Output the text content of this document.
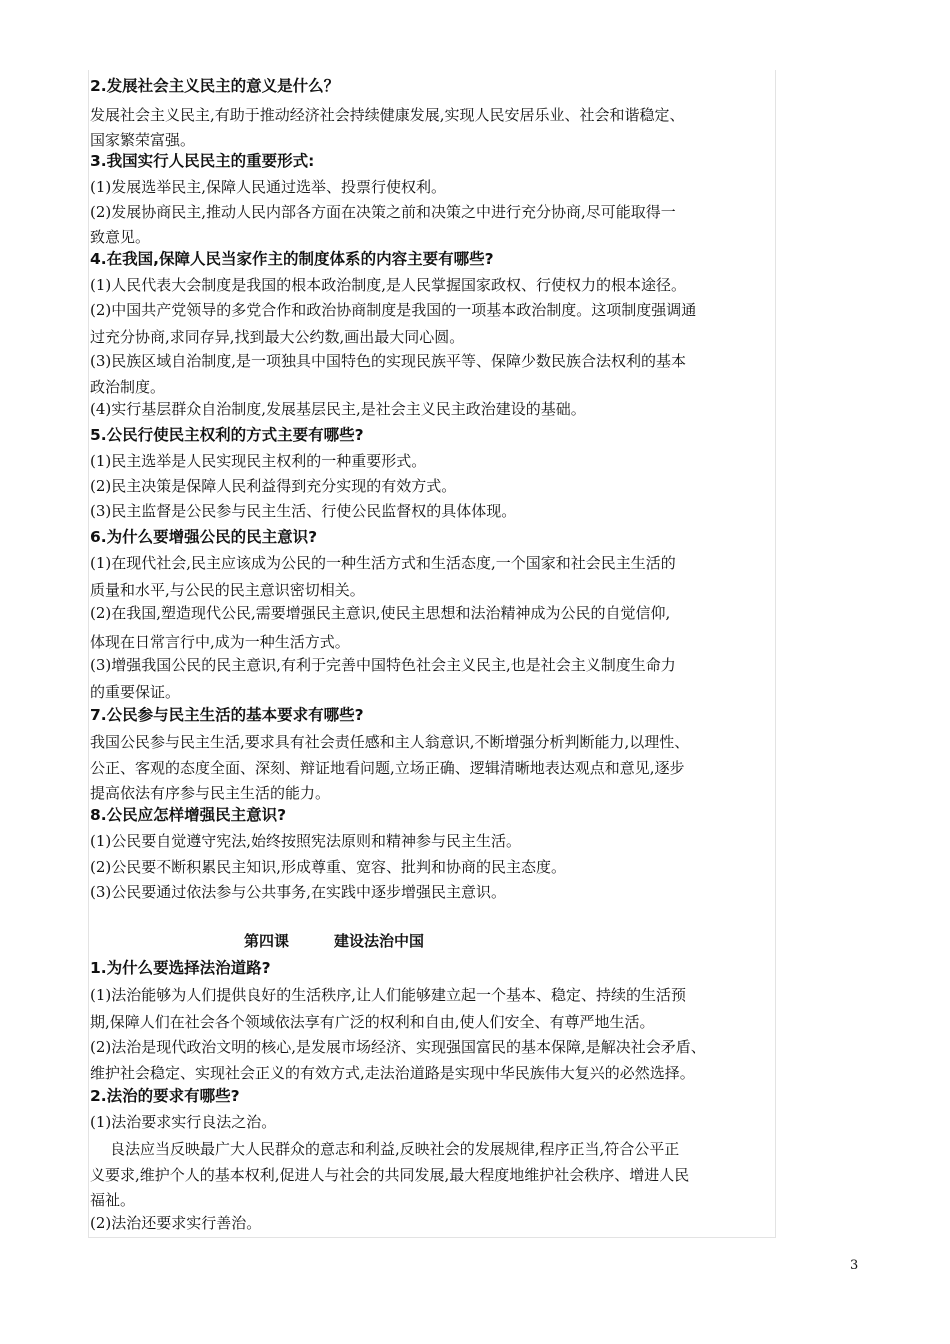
2.发展社会主义民主的意义是什么？
发展社会主义民主,有助于推动经济社会持续健康发展,实现人民安居乐业、社会和谐稳定、
国家繁荣富强。
3.我国实行人民民主的重要形式:
(1)发展选举民主,保障人民通过选举、投票行使权利。
(2)发展协商民主,推动人民内部各方面在决策之前和决策之中进行充分协商,尽可能取得一
致意见。
4.在我国,保障人民当家作主的制度体系的内容主要有哪些?
(1)人民代表大会制度是我国的根本政治制度,是人民掌握国家政权、行使权力的根本途径。
(2)中国共产党领导的多党合作和政治协商制度是我国的一项基本政治制度。这项制度强调通
过充分协商,求同存异,找到最大公约数,画出最大同心圆。
(3)民族区域自治制度,是一项独具中国特色的实现民族平等、保障少数民族合法权利的基本
政治制度。
(4)实行基层群众自治制度,发展基层民主,是社会主义民主政治建设的基础。
5.公民行使民主权利的方式主要有哪些?
(1)民主选举是人民实现民主权利的一种重要形式。
(2)民主决策是保障人民利益得到充分实现的有效方式。
(3)民主监督是公民参与民主生活、行使公民监督权的具体体现。
6.为什么要增强公民的民主意识?
(1)在现代社会,民主应该成为公民的一种生活方式和生活态度,一个国家和社会民主生活的
质量和水平,与公民的民主意识密切相关。
(2)在我国,塑造现代公民,需要增强民主意识,使民主思想和法治精神成为公民的自觉信仰,
体现在日常言行中,成为一种生活方式。
(3)增强我国公民的民主意识,有利于完善中国特色社会主义民主,也是社会主义制度生命力
的重要保证。
7.公民参与民主生活的基本要求有哪些?
我国公民参与民主生活,要求具有社会责任感和主人翁意识,不断增强分析判断能力,以理性、
公正、客观的态度全面、深刻、辩证地看问题,立场正确、逻辑清晰地表达观点和意见,逐步
提高依法有序参与民主生活的能力。
8.公民应怎样增强民主意识?
(1)公民要自觉遵守宪法,始终按照宪法原则和精神参与民主生活。
(2)公民要不断积累民主知识,形成尊重、宽容、批判和协商的民主态度。
(3)公民要通过依法参与公共事务,在实践中逐步增强民主意识。
1.为什么要选择法治道路?
(1)法治能够为人们提供良好的生活秩序,让人们能够建立起一个基本、稳定、持续的生活预
期,保障人们在社会各个领域依法享有广泛的权利和自由,使人们安全、有尊严地生活。
(2)法治是现代政治文明的核心,是发展市场经济、实现强国富民的基本保障,是解决社会矛盾、
维护社会稳定、实现社会正义的有效方式,走法治道路是实现中华民族伟大复兴的必然选择。
2.法治的要求有哪些?
(1)法治要求实行良法之治。
良法应当反映最广大人民群众的意志和利益,反映社会的发展规律,程序正当,符合公平正
义要求,维护个人的基本权利,促进人与社会的共同发展,最大程度地维护社会秩序、增进人民
福祉。
(2)法治还要求实行善治。
第四课	建设法治中国
3
